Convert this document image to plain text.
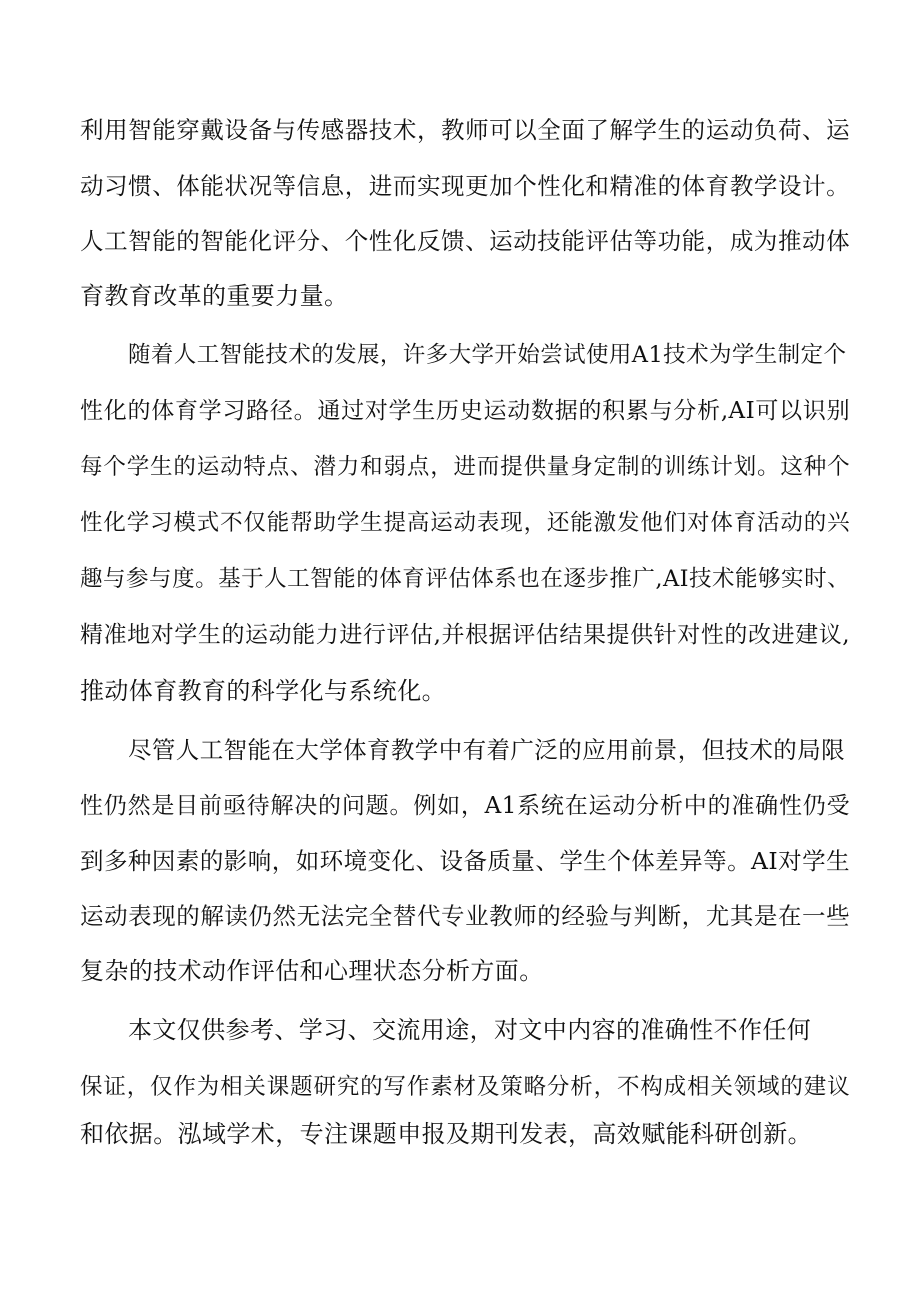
利用智能穿戴设备与传感器技术，教师可以全面了解学生的运动负荷、运
动习惯、体能状况等信息，进而实现更加个性化和精准的体育教学设计。
人工智能的智能化评分、个性化反馈、运动技能评估等功能，成为推动体
育教育改革的重要力量。
随着人工智能技术的发展，许多大学开始尝试使用A1技术为学生制定个
性化的体育学习路径。通过对学生历史运动数据的积累与分析,AI可以识别
每个学生的运动特点、潜力和弱点，进而提供量身定制的训练计划。这种个
性化学习模式不仅能帮助学生提高运动表现，还能激发他们对体育活动的兴
趣与参与度。基于人工智能的体育评估体系也在逐步推广,AI技术能够实时、
精准地对学生的运动能力进行评估,并根据评估结果提供针对性的改进建议,
推动体育教育的科学化与系统化。
尽管人工智能在大学体育教学中有着广泛的应用前景，但技术的局限
性仍然是目前亟待解决的问题。例如，A1系统在运动分析中的准确性仍受
到多种因素的影响，如环境变化、设备质量、学生个体差异等。AI对学生
运动表现的解读仍然无法完全替代专业教师的经验与判断，尤其是在一些
复杂的技术动作评估和心理状态分析方面。
本文仅供参考、学习、交流用途，对文中内容的准确性不作任何
保证，仅作为相关课题研究的写作素材及策略分析，不构成相关领域的建议
和依据。泓域学术，专注课题申报及期刊发表，高效赋能科研创新。
